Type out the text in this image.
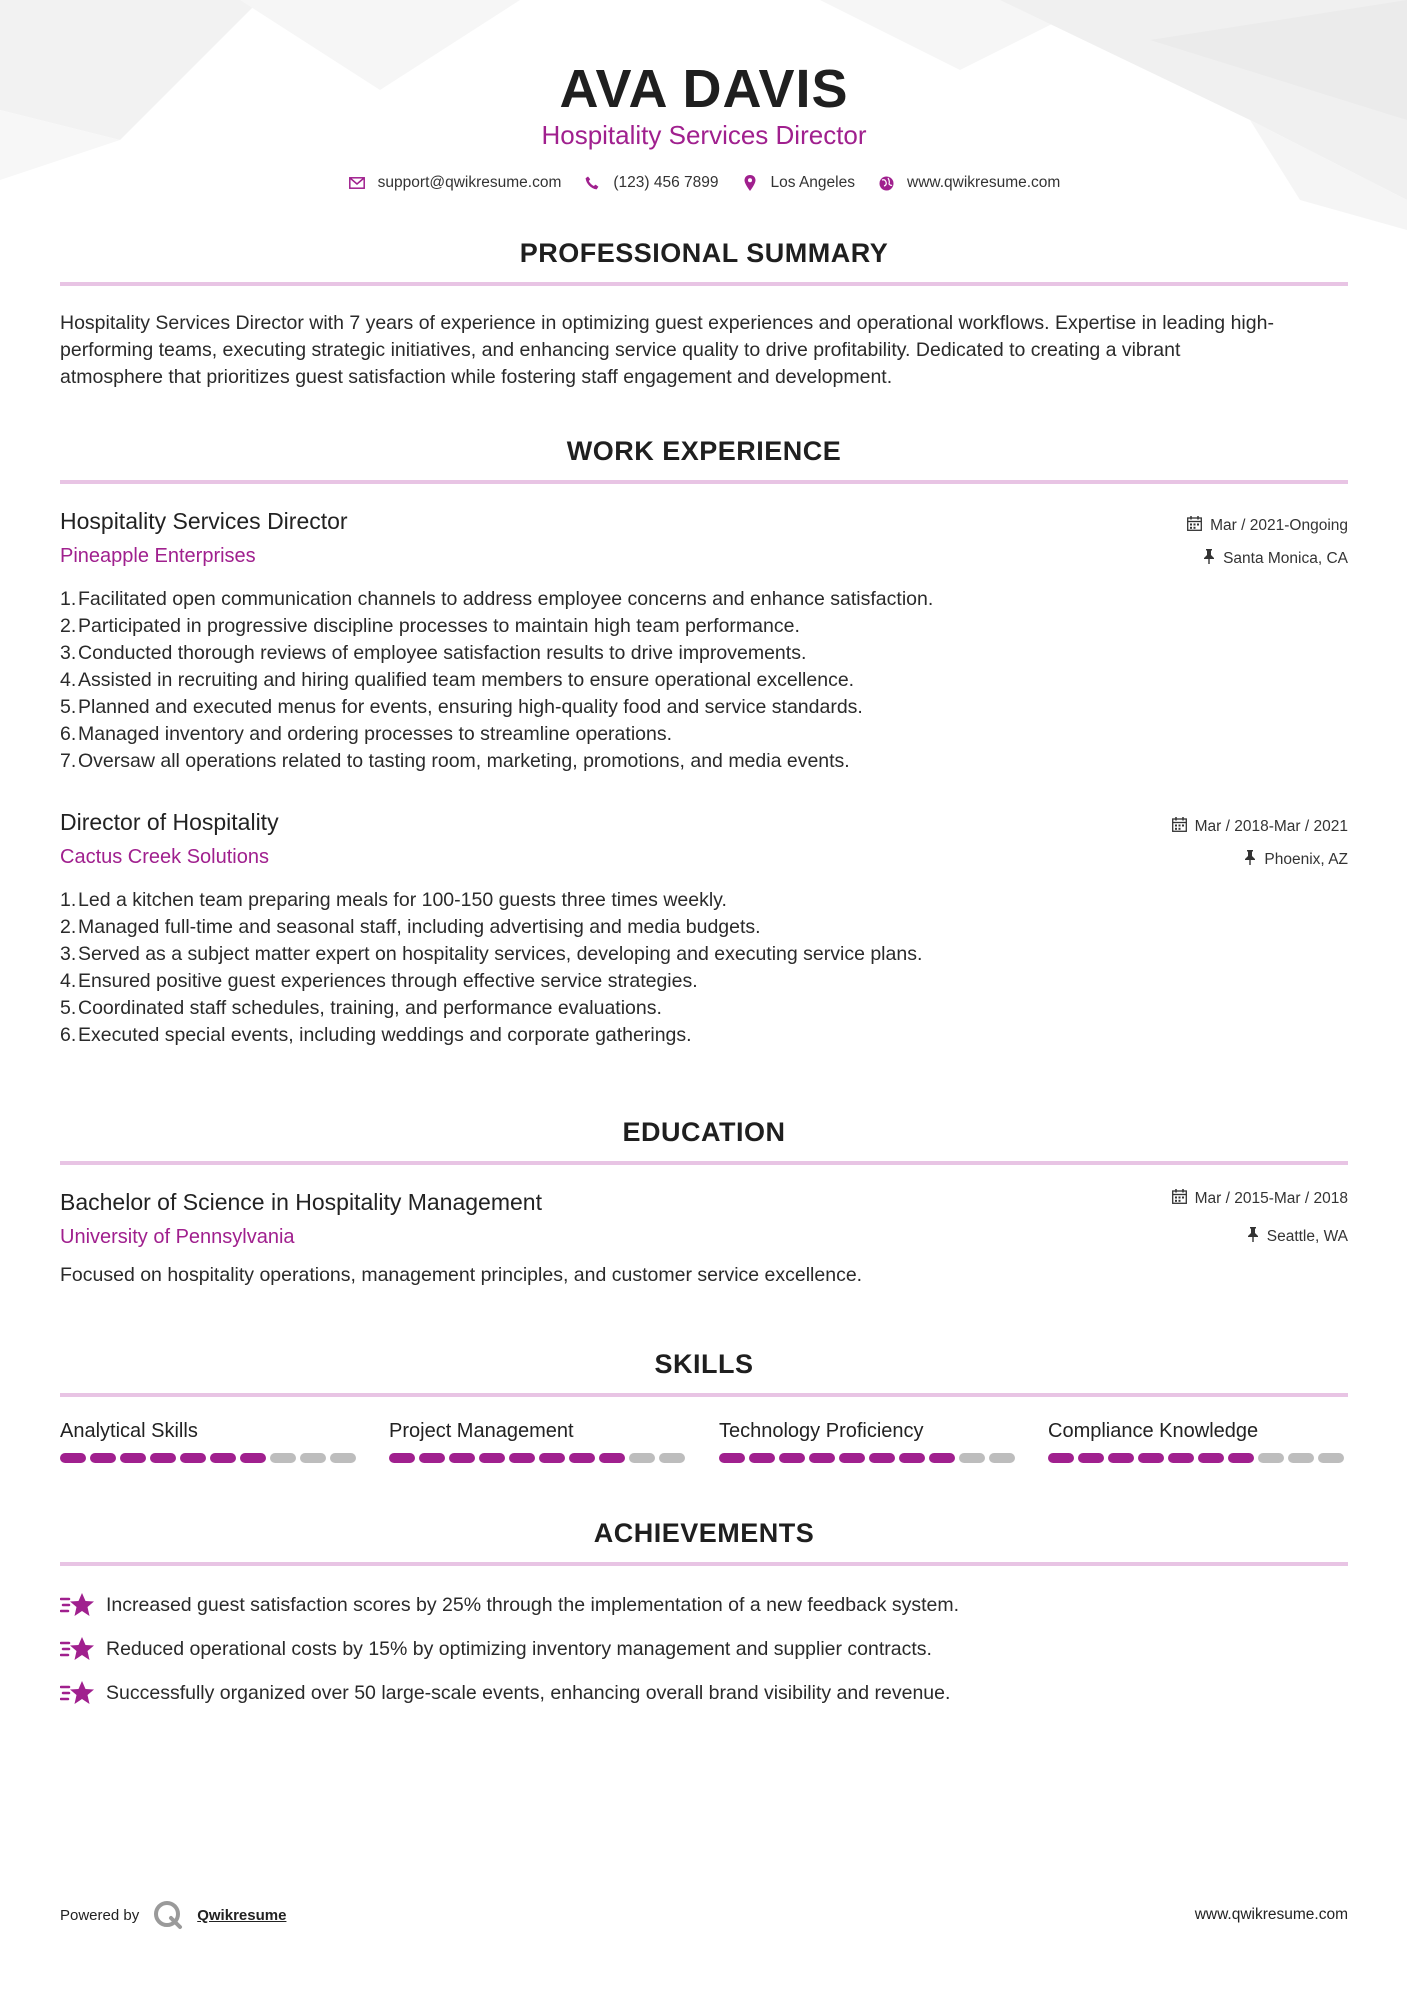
AVA DAVIS
Hospitality Services Director
support@qwikresume.com	(123) 456 7899	Los Angeles	www.qwikresume.com
PROFESSIONAL SUMMARY
Hospitality Services Director with 7 years of experience in optimizing guest experiences and operational workflows. Expertise in leading high-
performing teams, executing strategic initiatives, and enhancing service quality to drive profitability. Dedicated to creating a vibrant
atmosphere that prioritizes guest satisfaction while fostering staff engagement and development.
WORK EXPERIENCE
Hospitality Services Director	Mar / 2021-Ongoing
Pineapple Enterprises	Santa Monica, CA
1. Facilitated open communication channels to address employee concerns and enhance satisfaction.
2. Participated in progressive discipline processes to maintain high team performance.
3. Conducted thorough reviews of employee satisfaction results to drive improvements.
4. Assisted in recruiting and hiring qualified team members to ensure operational excellence.
5. Planned and executed menus for events, ensuring high-quality food and service standards.
6. Managed inventory and ordering processes to streamline operations.
7. Oversaw all operations related to tasting room, marketing, promotions, and media events.
Director of Hospitality	Mar / 2018-Mar / 2021
Cactus Creek Solutions	Phoenix, AZ
1. Led a kitchen team preparing meals for 100-150 guests three times weekly.
2. Managed full-time and seasonal staff, including advertising and media budgets.
3. Served as a subject matter expert on hospitality services, developing and executing service plans.
4. Ensured positive guest experiences through effective service strategies.
5. Coordinated staff schedules, training, and performance evaluations.
6. Executed special events, including weddings and corporate gatherings.
EDUCATION
Bachelor of Science in Hospitality Management	Mar / 2015-Mar / 2018
University of Pennsylvania	Seattle, WA
Focused on hospitality operations, management principles, and customer service excellence.
SKILLS
Analytical Skills	Project Management	Technology Proficiency	Compliance Knowledge
ACHIEVEMENTS
Increased guest satisfaction scores by 25% through the implementation of a new feedback system.
Reduced operational costs by 15% by optimizing inventory management and supplier contracts.
Successfully organized over 50 large-scale events, enhancing overall brand visibility and revenue.
Powered by	Qwikresume	www.qwikresume.com
